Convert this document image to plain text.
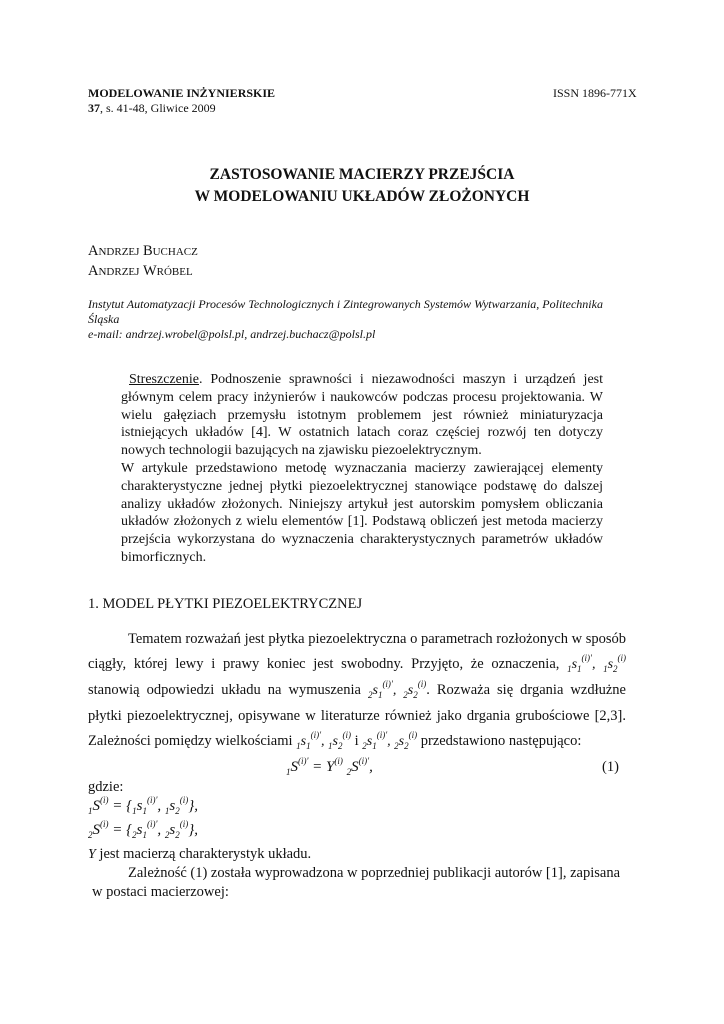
MODELOWANIE INŻYNIERSKIE	ISSN 1896-771X
37, s. 41-48, Gliwice 2009
ZASTOSOWANIE MACIERZY PRZEJŚCIA
W MODELOWANIU UKŁADÓW ZŁOŻONYCH
ANDRZEJ BUCHACZ
ANDRZEJ WRÓBEL
Instytut Automatyzacji Procesów Technologicznych i Zintegrowanych Systemów Wytwarzania, Politechnika
Śląska
e-mail: andrzej.wrobel@polsl.pl, andrzej.buchacz@polsl.pl

Streszczenie. Podnoszenie sprawności i niezawodności maszyn i urządzeń jest głównym celem pracy inżynierów i naukowców podczas procesu projektowania. W wielu gałęziach przemysłu istotnym problemem jest również miniaturyzacja istniejących układów [4]. W ostatnich latach coraz częściej rozwój ten dotyczy nowych technologii bazujących na zjawisku piezoelektrycznym.

W artykule przedstawiono metodę wyznaczania macierzy zawierającej elementy charakterystyczne jednej płytki piezoelektrycznej stanowiące podstawę do dalszej analizy układów złożonych. Niniejszy artykuł jest autorskim pomysłem obliczania układów złożonych z wielu elementów [1]. Podstawą obliczeń jest metoda macierzy przejścia wykorzystana do wyznaczenia charakterystycznych parametrów układów bimorficznych.

1. MODEL PŁYTKI PIEZOELEKTRYCZNEJ
Tematem rozważań jest płytka piezoelektryczna o parametrach rozłożonych w sposób ciągły, której lewy i prawy koniec jest swobodny. Przyjęto, że oznaczenia, $_1s_1^{(i)'}$, $_1s_2^{(i)}$ stanowią odpowiedzi układu na wymuszenia $_2s_1^{(i)'}$, $_2s_2^{(i)}$. Rozważa się drgania wzdłużne płytki piezoelektrycznej, opisywane w literaturze również jako drgania grubościowe [2,3]. Zależności pomiędzy wielkościami $_1s_1^{(i)'}$, $_1s_2^{(i)}$ i $_2s_1^{(i)'}$, $_2s_2^{(i)}$ przedstawiono następująco:
$_1S^{(i)'} = Y^{(i)}$ $_2S^{(i)'}$,	(1)
gdzie:
$_1S^{(i)} = \{_1s_1^{(i)'}$, $_1s_2^{(i)}$},
$_2S^{(i)} = \{_2s_1^{(i)'}$, $_2s_2^{(i)}$},
Y jest macierzą charakterystyk układu.
Zależność (1) została wyprowadzona w poprzedniej publikacji autorów [1], zapisana
w postaci macierzowej:
